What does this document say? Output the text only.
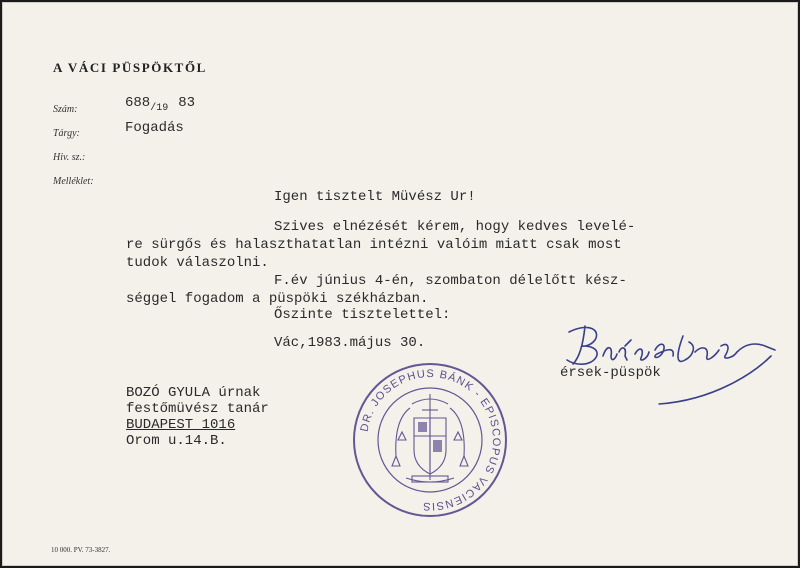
A VÁCI PÜSPÖKTŐL
Szám:	$688_{/19}$ 83
Tárgy:	Fogadás
Hiv. sz.:
Melléklet:
Igen tisztelt Müvész Ur!
Szives elnézését kérem, hogy kedves levelé-
re sürgős és halaszthatatlan intézni valóim miatt csak most
tudok válaszolni.
F.év június 4-én, szombaton délelőtt kész-
séggel fogadom a püspöki székházban.
Őszinte tisztelettel:
Vác,1983.május 30.
érsek-püspök
BOZÓ GYULA úrnak
festőmüvész tanár
BUDAPEST 1016
Orom u.14.B.
10 000. PV. 73-3827.
DR. JOSEPHUS BÁNK - EPISCOPUS VACIENSIS
